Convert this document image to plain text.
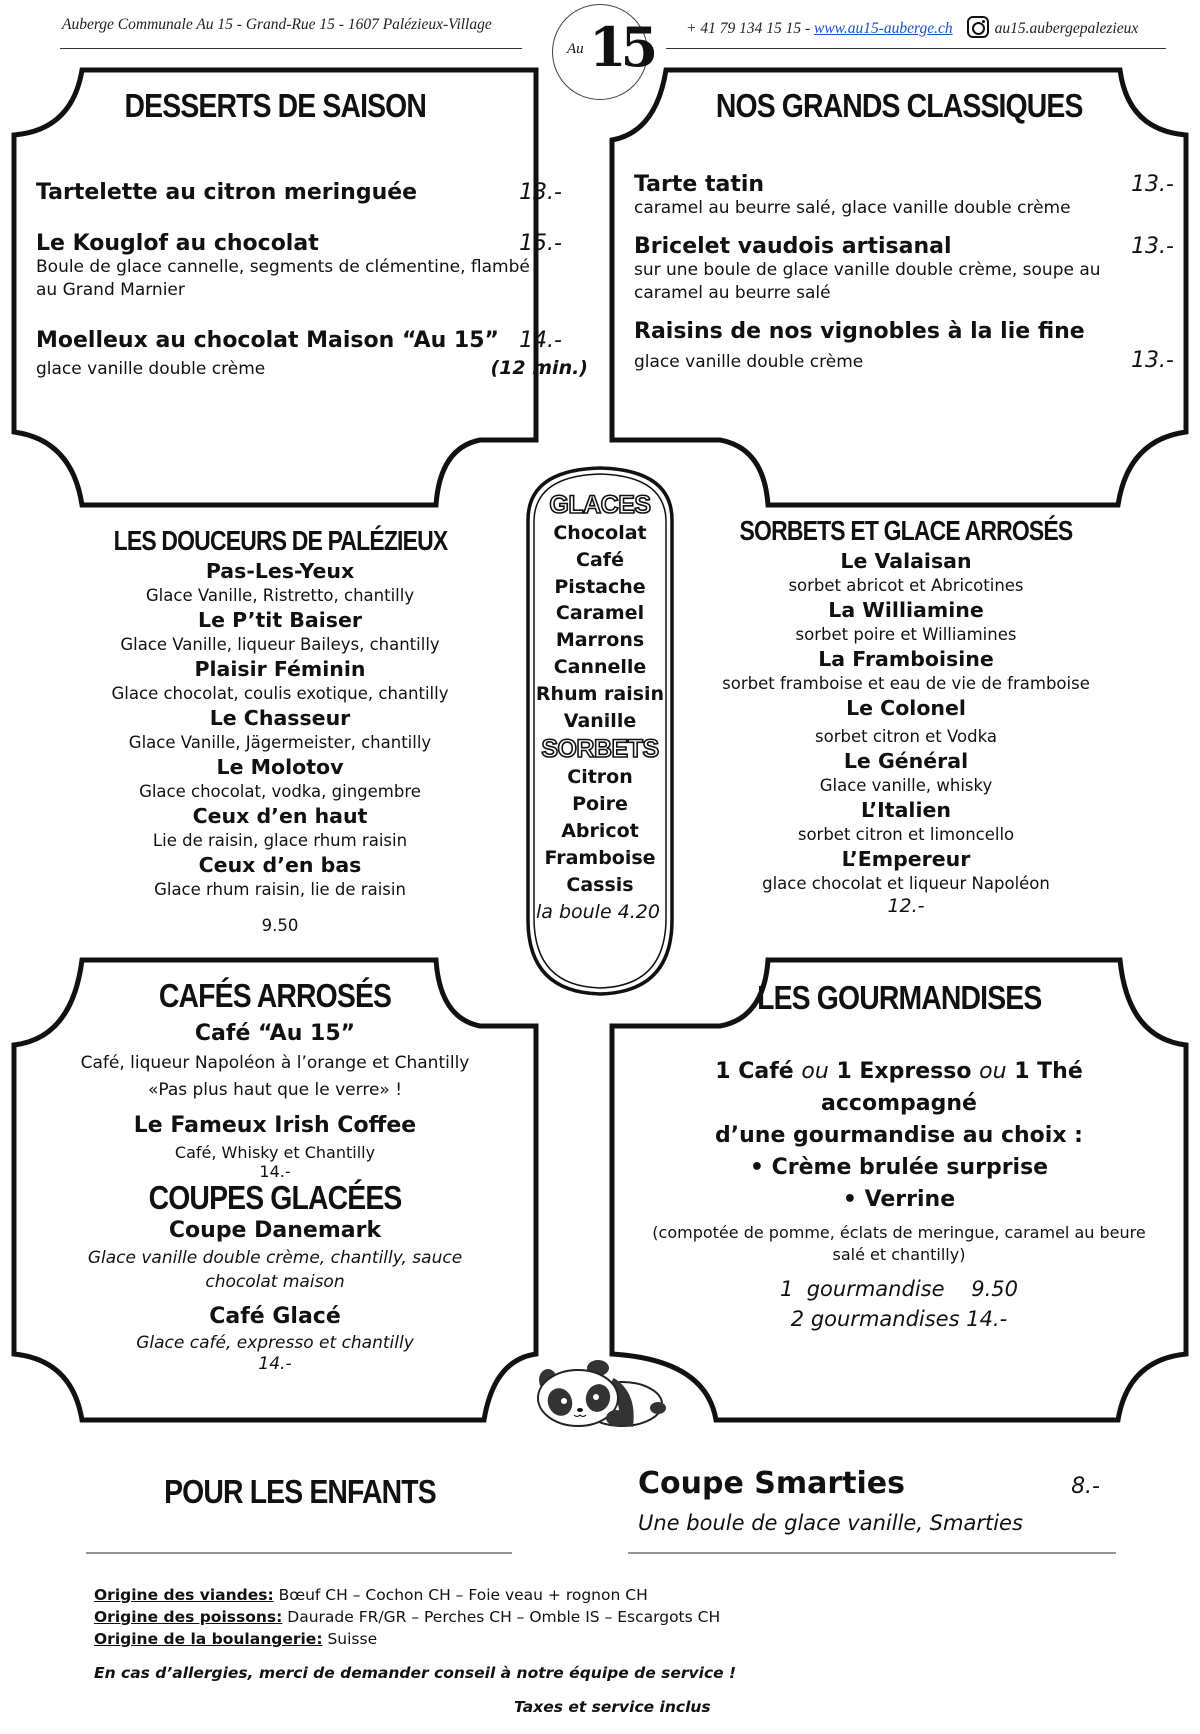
Auberge Communale Au 15 - Grand-Rue 15 - 1607 Palézieux-Village	+ 41 79 134 15 15 - www.au15-auberge.ch	au15.aubergepalezieux
Au 15
DESSERTS DE SAISON
Tartelette au citron meringuée	13.-
Le Kouglof au chocolat	15.-
Boule de glace cannelle, segments de clémentine, flambé au Grand Marnier
Moelleux au chocolat Maison “Au 15” 14.-
glace vanille double crème	(12 min.)
NOS GRANDS CLASSIQUES
Tarte tatin	13.-
caramel au beurre salé, glace vanille double crème
Bricelet vaudois artisanal	13.-
sur une boule de glace vanille double crème, soupe au caramel au beurre salé
Raisins de nos vignobles à la lie fine
glace vanille double crème	13.-
LES DOUCEURS DE PALÉZIEUX
Pas-Les-Yeux
Glace Vanille, Ristretto, chantilly
Le P’tit Baiser
Glace Vanille, liqueur Baileys, chantilly
Plaisir Féminin
Glace chocolat, coulis exotique, chantilly
Le Chasseur
Glace Vanille, Jägermeister, chantilly
Le Molotov
Glace chocolat, vodka, gingembre
Ceux d’en haut
Lie de raisin, glace rhum raisin
Ceux d’en bas
Glace rhum raisin, lie de raisin
9.50
GLACES
Chocolat
Café
Pistache
Caramel
Marrons
Cannelle
Rhum raisin
Vanille
SORBETS
Citron
Poire
Abricot
Framboise
Cassis
la boule 4.20
SORBETS ET GLACE ARROSÉS
Le Valaisan
sorbet abricot et Abricotines
La Williamine
sorbet poire et Williamines
La Framboisine
sorbet framboise et eau de vie de framboise
Le Colonel
sorbet citron et Vodka
Le Général
Glace vanille, whisky
L’Italien
sorbet citron et limoncello
L’Empereur
glace chocolat et liqueur Napoléon
12.-
CAFÉS ARROSÉS
Café “Au 15”
Café, liqueur Napoléon à l’orange et Chantilly
«Pas plus haut que le verre» !
Le Fameux Irish Coffee
Café, Whisky et Chantilly
14.-
COUPES GLACÉES
Coupe Danemark
Glace vanille double crème, chantilly, sauce chocolat maison
Café Glacé
Glace café, expresso et chantilly
14.-
LES GOURMANDISES
1 Café ou 1 Expresso ou 1 Thé
accompagné
d’une gourmandise au choix :
• Crème brulée surprise
• Verrine
(compotée de pomme, éclats de meringue, caramel au beure salé et chantilly)
1  gourmandise    9.50
2 gourmandises 14.-
POUR LES ENFANTS	Coupe Smarties	8.-
Une boule de glace vanille, Smarties
Origine des viandes: Bœuf CH – Cochon CH – Foie veau + rognon CH
Origine des poissons: Daurade FR/GR – Perches CH – Omble IS – Escargots CH
Origine de la boulangerie: Suisse
En cas d’allergies, merci de demander conseil à notre équipe de service !
Taxes et service inclus
